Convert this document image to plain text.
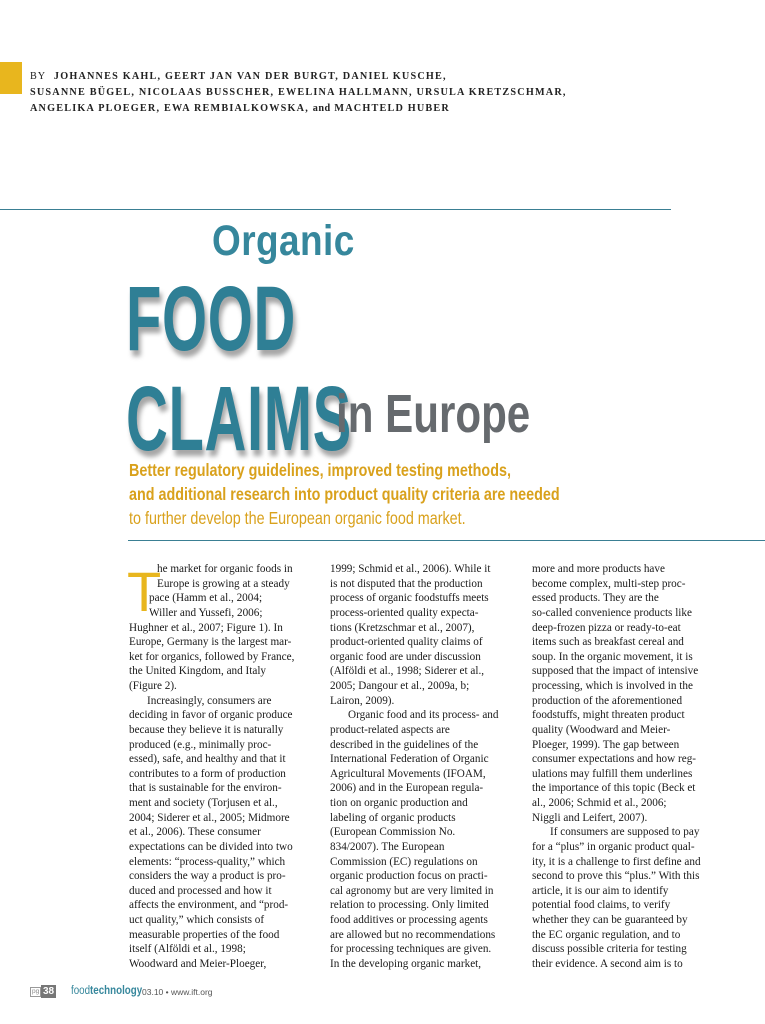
BY JOHANNES KAHL, GEERT JAN VAN DER BURGT, DANIEL KUSCHE,
SUSANNE BÜGEL, NICOLAAS BUSSCHER, EWELINA HALLMANN, URSULA KRETZSCHMAR,
ANGELIKA PLOEGER, EWA REMBIALKOWSKA, and MACHTELD HUBER
Organic
FOOD CLAIMS
in Europe
Better regulatory guidelines, improved testing methods,
and additional research into product quality criteria are needed
to further develop the European organic food market.
T
he market for organic foods in
Europe is growing at a steady
pace (Hamm et al., 2004;
Willer and Yussefi, 2006;
Hughner et al., 2007; Figure 1). In
Europe, Germany is the largest mar-
ket for organics, followed by France,
the United Kingdom, and Italy
(Figure 2).
Increasingly, consumers are
deciding in favor of organic produce
because they believe it is naturally
produced (e.g., minimally proc-
essed), safe, and healthy and that it
contributes to a form of production
that is sustainable for the environ-
ment and society (Torjusen et al.,
2004; Siderer et al., 2005; Midmore
et al., 2006). These consumer
expectations can be divided into two
elements: “process-quality,” which
considers the way a product is pro-
duced and processed and how it
affects the environment, and “prod-
uct quality,” which consists of
measurable properties of the food
itself (Alföldi et al., 1998;
Woodward and Meier-Ploeger,
1999; Schmid et al., 2006). While it
is not disputed that the production
process of organic foodstuffs meets
process-oriented quality expecta-
tions (Kretzschmar et al., 2007),
product-oriented quality claims of
organic food are under discussion
(Alföldi et al., 1998; Siderer et al.,
2005; Dangour et al., 2009a, b;
Lairon, 2009).
Organic food and its process- and
product-related aspects are
described in the guidelines of the
International Federation of Organic
Agricultural Movements (IFOAM,
2006) and in the European regula-
tion on organic production and
labeling of organic products
(European Commission No.
834/2007). The European
Commission (EC) regulations on
organic production focus on practi-
cal agronomy but are very limited in
relation to processing. Only limited
food additives or processing agents
are allowed but no recommendations
for processing techniques are given.
In the developing organic market,
more and more products have
become complex, multi-step proc-
essed products. They are the
so-called convenience products like
deep-frozen pizza or ready-to-eat
items such as breakfast cereal and
soup. In the organic movement, it is
supposed that the impact of intensive
processing, which is involved in the
production of the aforementioned
foodstuffs, might threaten product
quality (Woodward and Meier-
Ploeger, 1999). The gap between
consumer expectations and how reg-
ulations may fulfill them underlines
the importance of this topic (Beck et
al., 2006; Schmid et al., 2006;
Niggli and Leifert, 2007).
If consumers are supposed to pay
for a “plus” in organic product qual-
ity, it is a challenge to first define and
second to prove this “plus.” With this
article, it is our aim to identify
potential food claims, to verify
whether they can be guaranteed by
the EC organic regulation, and to
discuss possible criteria for testing
their evidence. A second aim is to
pg 38 foodtechnology 03.10 • www.ift.org
